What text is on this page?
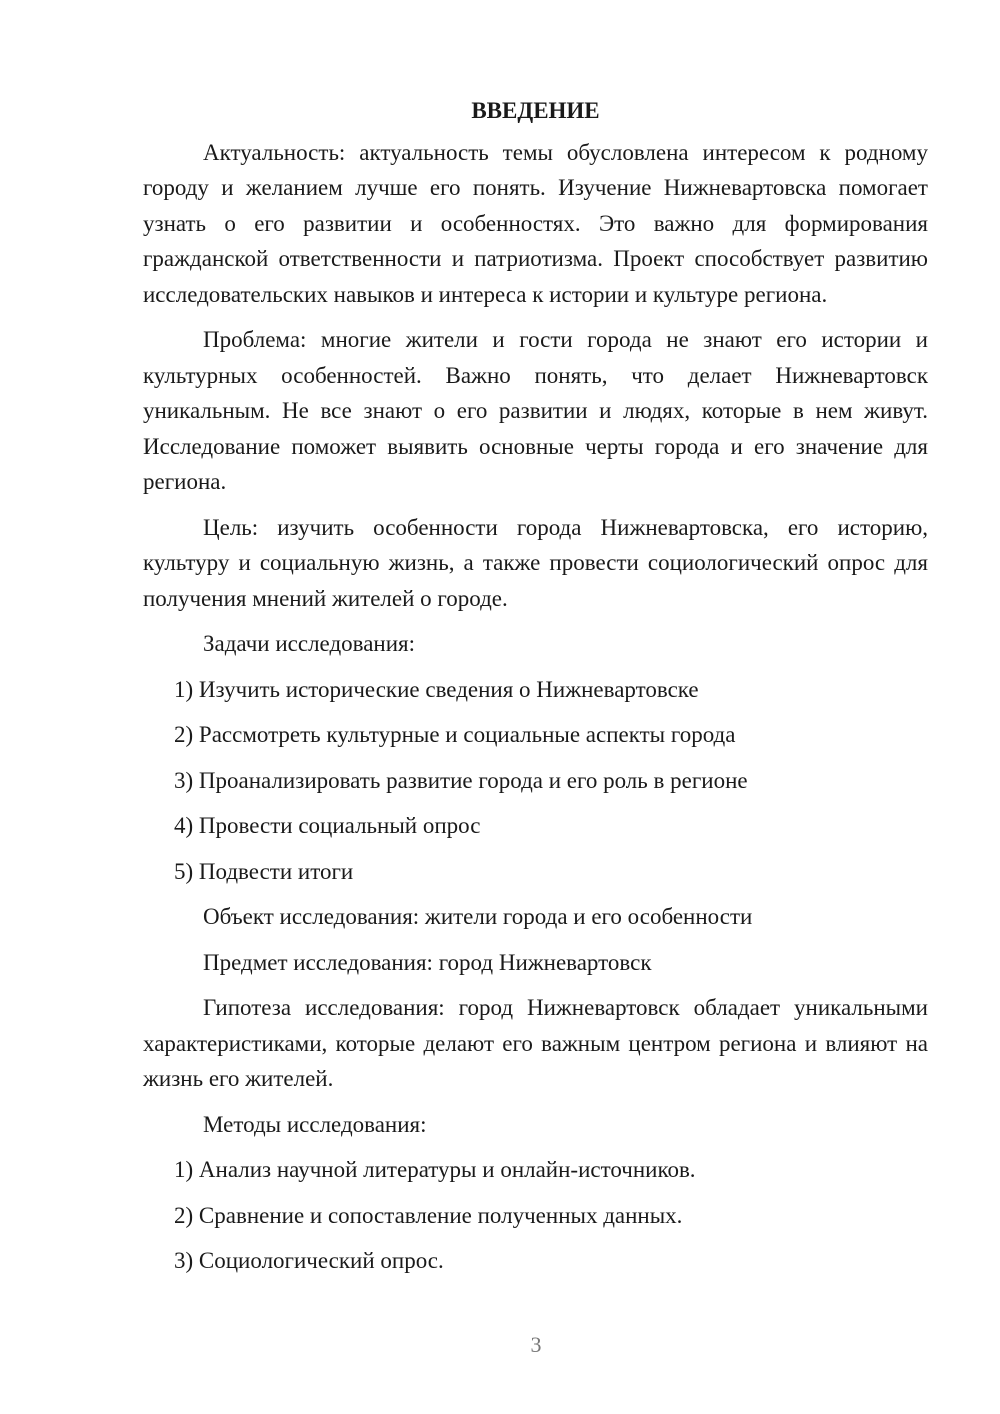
ВВЕДЕНИЕ

Актуальность: актуальность темы обусловлена интересом к родному городу и желанием лучше его понять. Изучение Нижневартовска помогает узнать о его развитии и особенностях. Это важно для формирования гражданской ответственности и патриотизма. Проект способствует развитию исследовательских навыков и интереса к истории и культуре региона.

Проблема: многие жители и гости города не знают его истории и культурных особенностей. Важно понять, что делает Нижневартовск уникальным. Не все знают о его развитии и людях, которые в нем живут. Исследование поможет выявить основные черты города и его значение для региона.

Цель: изучить особенности города Нижневартовска, его историю, культуру и социальную жизнь, а также провести социологический опрос для получения мнений жителей о городе.

Задачи исследования:
1) Изучить исторические сведения о Нижневартовске
2) Рассмотреть культурные и социальные аспекты города
3) Проанализировать развитие города и его роль в регионе
4) Провести социальный опрос
5) Подвести итоги
Объект исследования: жители города и его особенности
Предмет исследования: город Нижневартовск

Гипотеза исследования: город Нижневартовск обладает уникальными характеристиками, которые делают его важным центром региона и влияют на жизнь его жителей.

Методы исследования:
1) Анализ научной литературы и онлайн-источников.
2) Сравнение и сопоставление полученных данных.
3) Социологический опрос.
3
